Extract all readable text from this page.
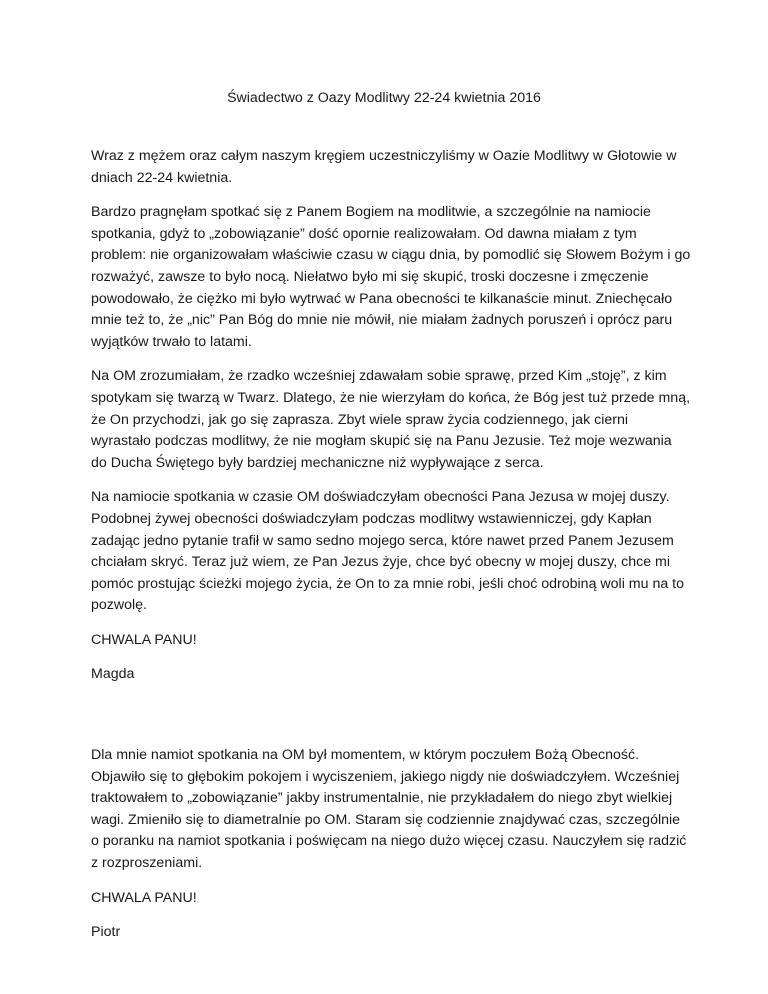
Świadectwo z Oazy Modlitwy 22-24 kwietnia 2016

Wraz z mężem oraz całym naszym kręgiem uczestniczyliśmy w Oazie Modlitwy w Głotowie w dniach 22-24 kwietnia.

Bardzo pragnęłam spotkać się z Panem Bogiem na modlitwie, a szczególnie na namiocie spotkania, gdyż to „zobowiązanie” dość opornie realizowałam. Od dawna miałam z tym problem: nie organizowałam właściwie czasu w ciągu dnia, by pomodlić się Słowem Bożym i go rozważyć, zawsze to było nocą. Niełatwo było mi się skupić, troski doczesne i zmęczenie powodowało, że ciężko mi było wytrwać w Pana obecności te kilkanaście minut. Zniechęcało mnie też to, że „nic” Pan Bóg do mnie nie mówił, nie miałam żadnych poruszeń i oprócz paru wyjątków trwało to latami.

Na OM zrozumiałam, że rzadko wcześniej zdawałam sobie sprawę, przed Kim „stoję”, z kim spotykam się twarzą w Twarz. Dlatego, że nie wierzyłam do końca, że Bóg jest tuż przede mną, że On przychodzi, jak go się zaprasza. Zbyt wiele spraw życia codziennego, jak cierni wyrastało podczas modlitwy, że nie mogłam skupić się na Panu Jezusie. Też moje wezwania do Ducha Świętego były bardziej mechaniczne niż wypływające z serca.

Na namiocie spotkania w czasie OM doświadczyłam obecności Pana Jezusa w mojej duszy. Podobnej żywej obecności doświadczyłam podczas modlitwy wstawienniczej, gdy Kapłan zadając jedno pytanie trafił w samo sedno mojego serca, które nawet przed Panem Jezusem chciałam skryć. Teraz już wiem, ze Pan Jezus żyje, chce być obecny w mojej duszy, chce mi pomóc prostując ścieżki mojego życia, że On to za mnie robi, jeśli choć odrobiną woli mu na to pozwolę.

CHWALA PANU!

Magda

Dla mnie namiot spotkania na OM był momentem, w którym poczułem Bożą Obecność. Objawiło się to głębokim pokojem i wyciszeniem, jakiego nigdy nie doświadczyłem. Wcześniej traktowałem to „zobowiązanie” jakby instrumentalnie, nie przykładałem do niego zbyt wielkiej wagi. Zmieniło się to diametralnie po OM. Staram się codziennie znajdywać czas, szczególnie o poranku na namiot spotkania i poświęcam na niego dużo więcej czasu. Nauczyłem się radzić z rozproszeniami.

CHWALA PANU!

Piotr
